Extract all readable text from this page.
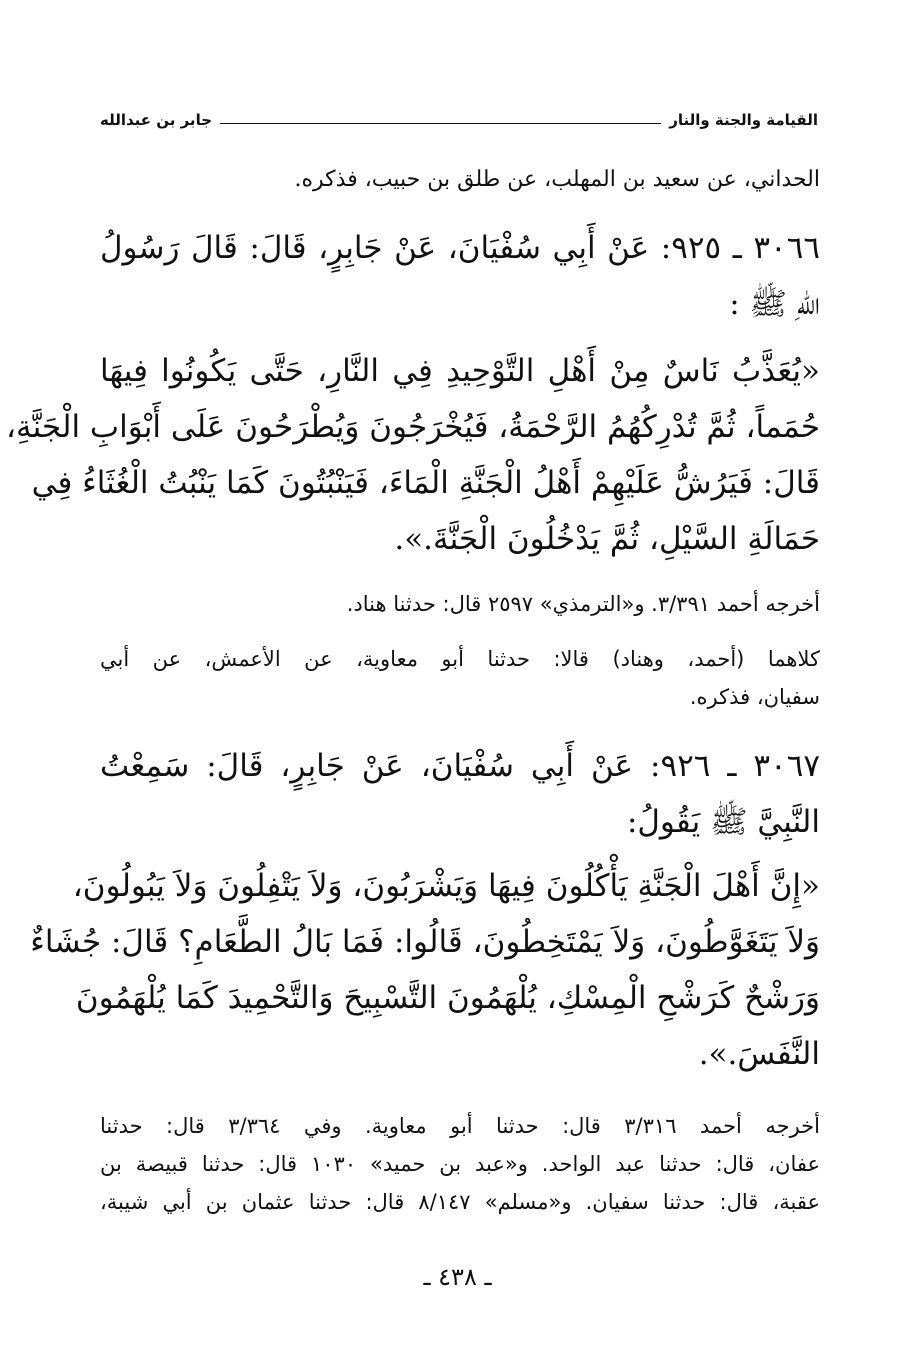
القيامة والجنة والنار
جابر بن عبدالله
الحداني، عن سعيد بن المهلب، عن طلق بن حبيب، فذكره.
٣٠٦٦ ـ ٩٢٥: عَنْ أَبِي سُفْيَانَ، عَنْ جَابِرٍ، قَالَ: قَالَ رَسُولُ
اللّهِ ﷺ :
«يُعَذَّبُ نَاسٌ مِنْ أَهْلِ التَّوْحِيدِ فِي النَّارِ، حَتَّى يَكُونُوا فِيهَا
حُمَماً، ثُمَّ تُدْرِكُهُمُ الرَّحْمَةُ، فَيُخْرَجُونَ وَيُطْرَحُونَ عَلَى أَبْوَابِ الْجَنَّةِ،
قَالَ: فَيَرُشُّ عَلَيْهِمْ أَهْلُ الْجَنَّةِ الْمَاءَ، فَيَنْبُتُونَ كَمَا يَنْبُتُ الْغُثَاءُ فِي
حَمَالَةِ السَّيْلِ، ثُمَّ يَدْخُلُونَ الْجَنَّةَ.».
أخرجه أحمد ٣/٣٩١. و«الترمذي» ٢٥٩٧ قال: حدثنا هناد.
كلاهما (أحمد، وهناد) قالا: حدثنا أبو معاوية، عن الأعمش، عن أبي
سفيان، فذكره.
٣٠٦٧ ـ ٩٢٦: عَنْ أَبِي سُفْيَانَ، عَنْ جَابِرٍ، قَالَ: سَمِعْتُ
النَّبِيَّ ﷺ يَقُولُ:
«إِنَّ أَهْلَ الْجَنَّةِ يَأْكُلُونَ فِيهَا وَيَشْرَبُونَ، وَلاَ يَتْفِلُونَ وَلاَ يَبُولُونَ،
وَلاَ يَتَغَوَّطُونَ، وَلاَ يَمْتَخِطُونَ، قَالُوا: فَمَا بَالُ الطَّعَامِ؟ قَالَ: جُشَاءٌ
وَرَشْحٌ كَرَشْحِ الْمِسْكِ، يُلْهَمُونَ التَّسْبِيحَ وَالتَّحْمِيدَ كَمَا يُلْهَمُونَ
النَّفَسَ.».
أخرجه أحمد ٣/٣١٦ قال: حدثنا أبو معاوية. وفي ٣/٣٦٤ قال: حدثنا
عفان، قال: حدثنا عبد الواحد. و«عبد بن حميد» ١٠٣٠ قال: حدثنا قبيصة بن
عقبة، قال: حدثنا سفيان. و«مسلم» ٨/١٤٧ قال: حدثنا عثمان بن أبي شيبة،
ـ ٤٣٨ ـ
